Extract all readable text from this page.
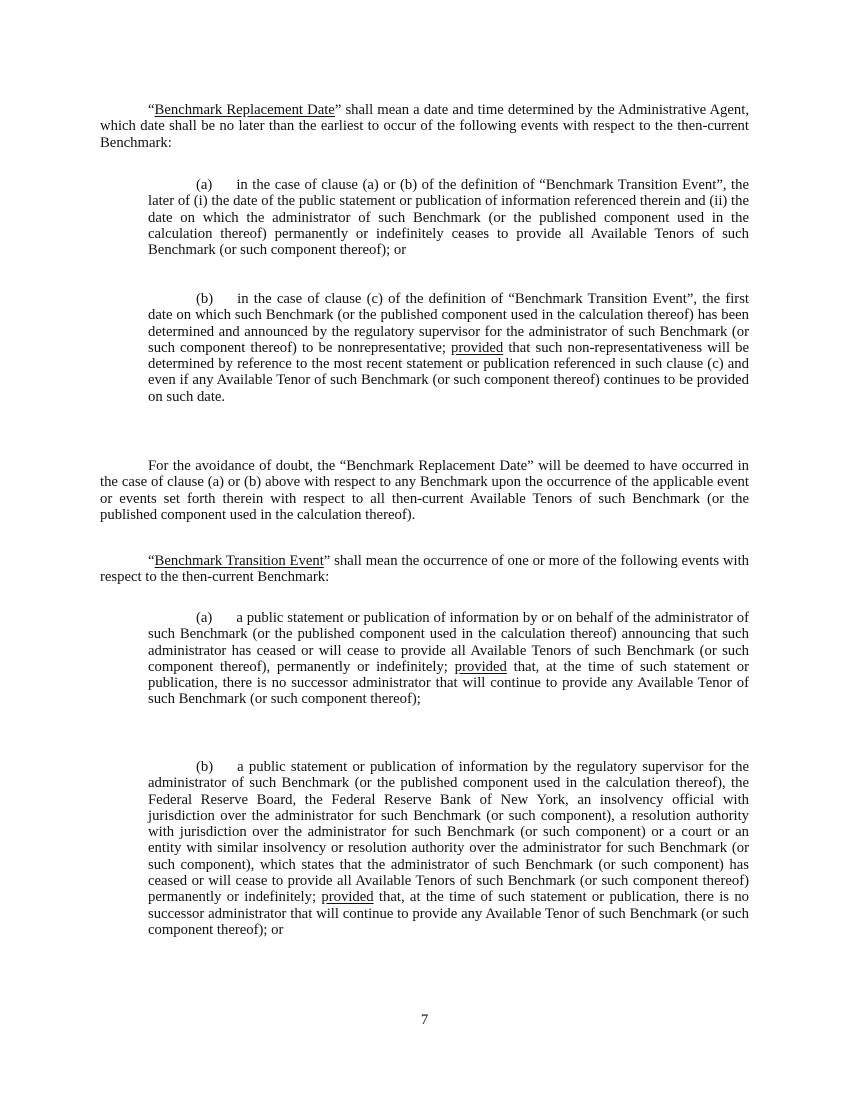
“Benchmark Replacement Date” shall mean a date and time determined by the Administrative Agent, which date shall be no later than the earliest to occur of the following events with respect to the then-current Benchmark:

(a) in the case of clause (a) or (b) of the definition of “Benchmark Transition Event”, the later of (i) the date of the public statement or publication of information referenced therein and (ii) the date on which the administrator of such Benchmark (or the published component used in the calculation thereof) permanently or indefinitely ceases to provide all Available Tenors of such Benchmark (or such component thereof); or

(b) in the case of clause (c) of the definition of “Benchmark Transition Event”, the first date on which such Benchmark (or the published component used in the calculation thereof) has been determined and announced by the regulatory supervisor for the administrator of such Benchmark (or such component thereof) to be nonrepresentative; provided that such non-representativeness will be determined by reference to the most recent statement or publication referenced in such clause (c) and even if any Available Tenor of such Benchmark (or such component thereof) continues to be provided on such date.

For the avoidance of doubt, the “Benchmark Replacement Date” will be deemed to have occurred in the case of clause (a) or (b) above with respect to any Benchmark upon the occurrence of the applicable event or events set forth therein with respect to all then-current Available Tenors of such Benchmark (or the published component used in the calculation thereof).

“Benchmark Transition Event” shall mean the occurrence of one or more of the following events with respect to the then-current Benchmark:

(a) a public statement or publication of information by or on behalf of the administrator of such Benchmark (or the published component used in the calculation thereof) announcing that such administrator has ceased or will cease to provide all Available Tenors of such Benchmark (or such component thereof), permanently or indefinitely; provided that, at the time of such statement or publication, there is no successor administrator that will continue to provide any Available Tenor of such Benchmark (or such component thereof);

(b) a public statement or publication of information by the regulatory supervisor for the administrator of such Benchmark (or the published component used in the calculation thereof), the Federal Reserve Board, the Federal Reserve Bank of New York, an insolvency official with jurisdiction over the administrator for such Benchmark (or such component), a resolution authority with jurisdiction over the administrator for such Benchmark (or such component) or a court or an entity with similar insolvency or resolution authority over the administrator for such Benchmark (or such component), which states that the administrator of such Benchmark (or such component) has ceased or will cease to provide all Available Tenors of such Benchmark (or such component thereof) permanently or indefinitely; provided that, at the time of such statement or publication, there is no successor administrator that will continue to provide any Available Tenor of such Benchmark (or such component thereof); or

7
